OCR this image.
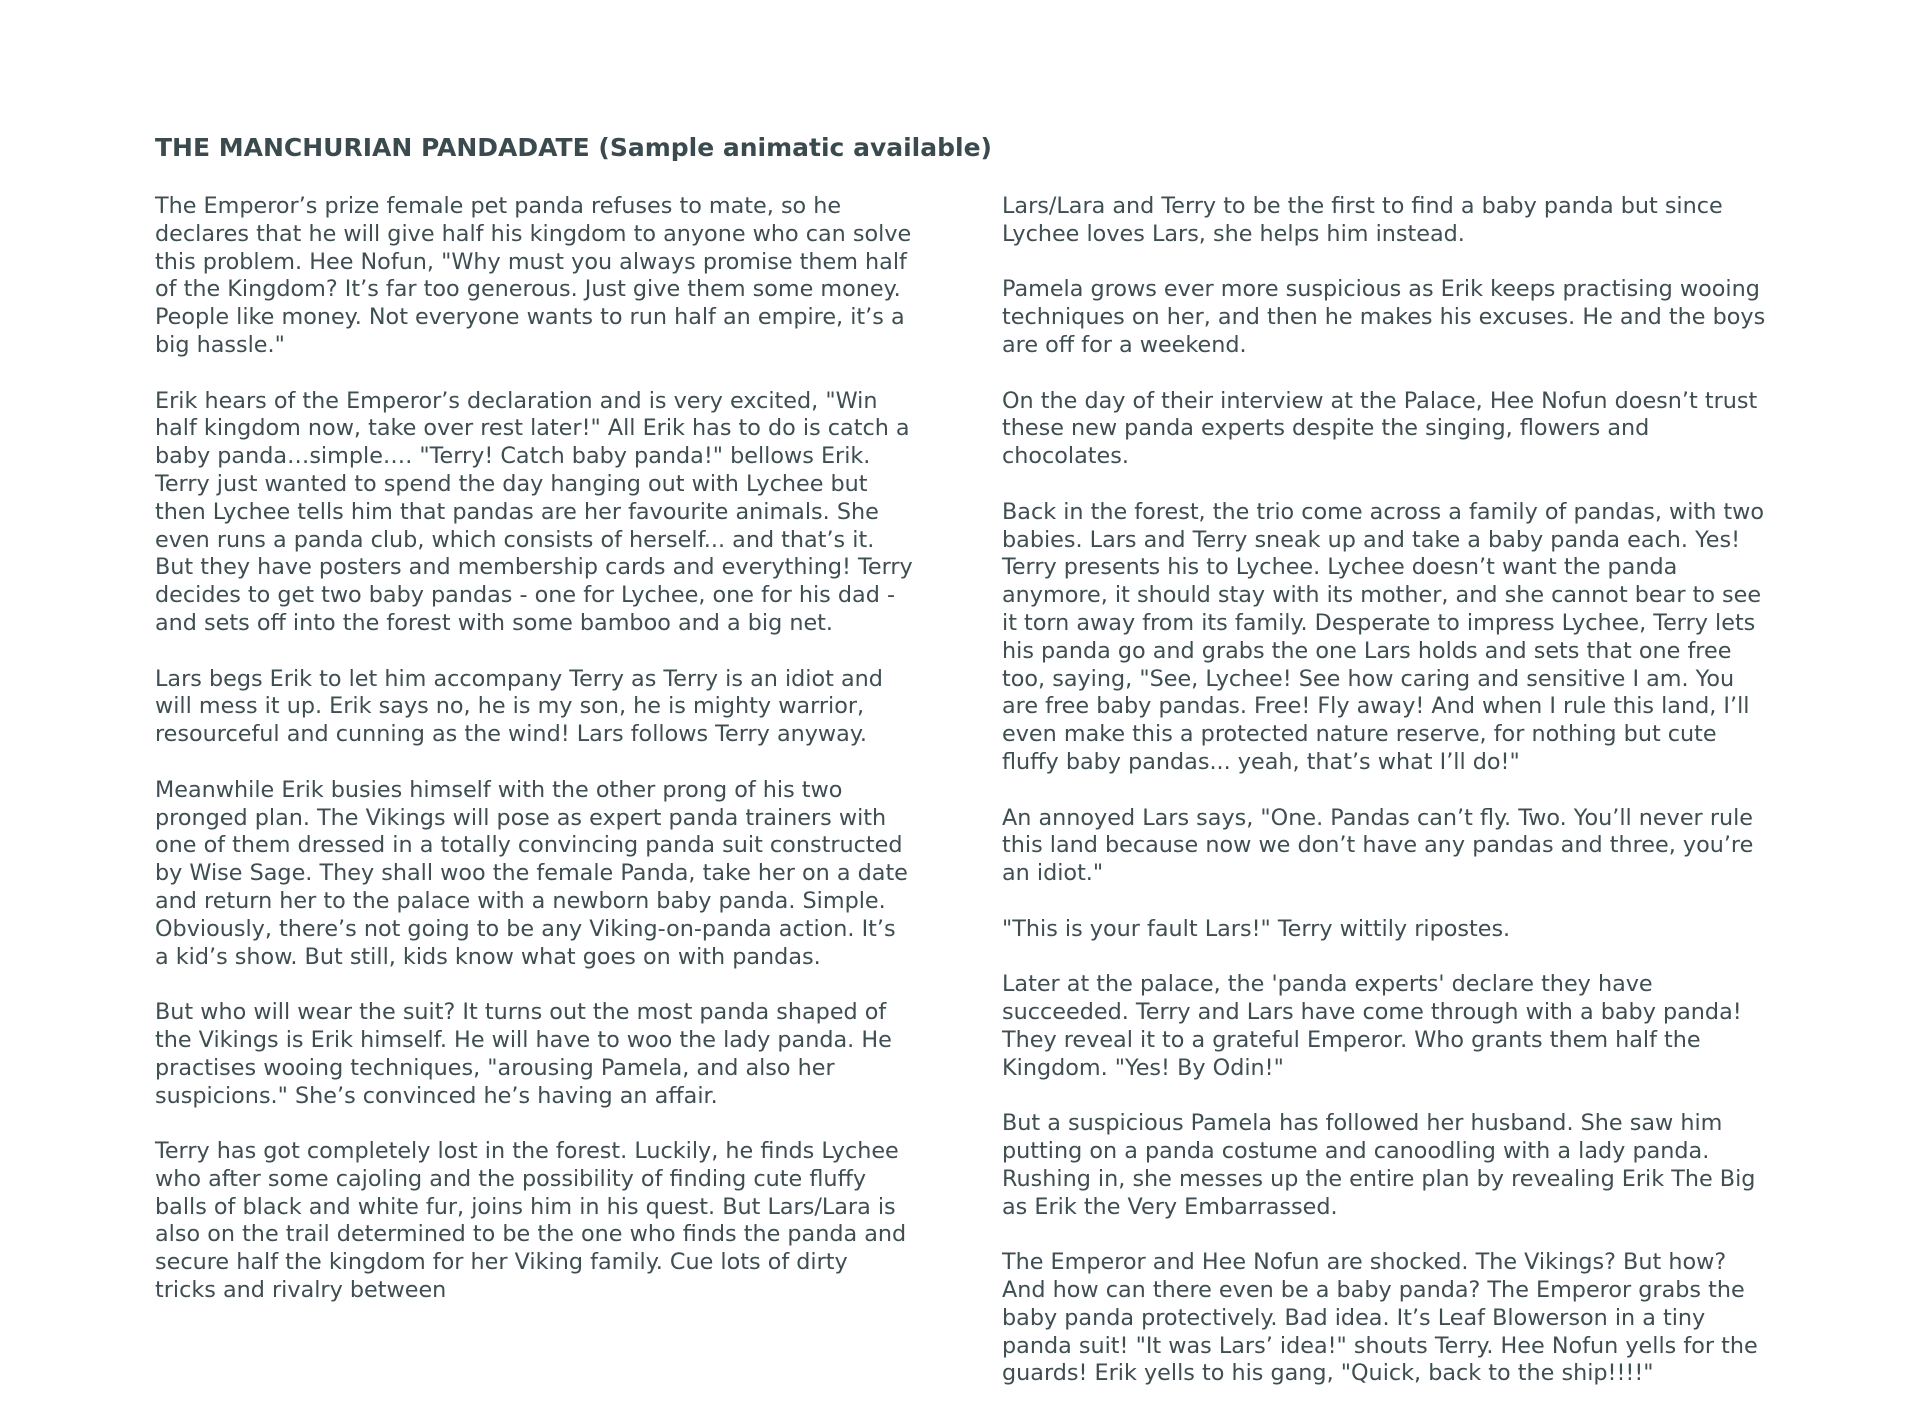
THE MANCHURIAN PANDADATE (Sample animatic available)

The Emperor’s prize female pet panda refuses to mate, so he declares that he will give half his kingdom to anyone who can solve this problem. Hee Nofun, "Why must you always promise them half of the Kingdom? It’s far too generous. Just give them some money. People like money. Not everyone wants to run half an empire, it’s a big hassle."

Erik hears of the Emperor’s declaration and is very excited, "Win half kingdom now, take over rest later!" All Erik has to do is catch a baby panda…simple…. "Terry! Catch baby panda!" bellows Erik. Terry just wanted to spend the day hanging out with Lychee but then Lychee tells him that pandas are her favourite animals. She even runs a panda club, which consists of herself... and that’s it. But they have posters and membership cards and everything! Terry decides to get two baby pandas - one for Lychee, one for his dad - and sets off into the forest with some bamboo and a big net.

Lars begs Erik to let him accompany Terry as Terry is an idiot and will mess it up. Erik says no, he is my son, he is mighty warrior, resourceful and cunning as the wind! Lars follows Terry anyway.

Meanwhile Erik busies himself with the other prong of his two pronged plan. The Vikings will pose as expert panda trainers with one of them dressed in a totally convincing panda suit constructed by Wise Sage. They shall woo the female Panda, take her on a date and return her to the palace with a newborn baby panda. Simple. Obviously, there’s not going to be any Viking-on-panda action. It’s a kid’s show. But still, kids know what goes on with pandas.

But who will wear the suit? It turns out the most panda shaped of the Vikings is Erik himself. He will have to woo the lady panda. He practises wooing techniques, "arousing Pamela, and also her suspicions." She’s convinced he’s having an affair.

Terry has got completely lost in the forest. Luckily, he finds Lychee who after some cajoling and the possibility of finding cute fluffy balls of black and white fur, joins him in his quest. But Lars/Lara is also on the trail determined to be the one who finds the panda and secure half the kingdom for her Viking family. Cue lots of dirty tricks and rivalry between

Lars/Lara and Terry to be the first to find a baby panda but since Lychee loves Lars, she helps him instead.

Pamela grows ever more suspicious as Erik keeps practising wooing techniques on her, and then he makes his excuses. He and the boys are off for a weekend.

On the day of their interview at the Palace, Hee Nofun doesn’t trust these new panda experts despite the singing, flowers and chocolates.

Back in the forest, the trio come across a family of pandas, with two babies. Lars and Terry sneak up and take a baby panda each. Yes! Terry presents his to Lychee. Lychee doesn’t want the panda anymore, it should stay with its mother, and she cannot bear to see it torn away from its family. Desperate to impress Lychee, Terry lets his panda go and grabs the one Lars holds and sets that one free too, saying, "See, Lychee! See how caring and sensitive I am. You are free baby pandas. Free! Fly away! And when I rule this land, I’ll even make this a protected nature reserve, for nothing but cute fluffy baby pandas... yeah, that’s what I’ll do!"

An annoyed Lars says, "One. Pandas can’t fly. Two. You’ll never rule this land because now we don’t have any pandas and three, you’re an idiot."

"This is your fault Lars!" Terry wittily ripostes.

Later at the palace, the 'panda experts' declare they have succeeded. Terry and Lars have come through with a baby panda! They reveal it to a grateful Emperor. Who grants them half the Kingdom. "Yes! By Odin!"

But a suspicious Pamela has followed her husband. She saw him putting on a panda costume and canoodling with a lady panda. Rushing in, she messes up the entire plan by revealing Erik The Big as Erik the Very Embarrassed.

The Emperor and Hee Nofun are shocked. The Vikings? But how? And how can there even be a baby panda? The Emperor grabs the baby panda protectively. Bad idea. It’s Leaf Blowerson in a tiny panda suit! "It was Lars’ idea!" shouts Terry. Hee Nofun yells for the guards! Erik yells to his gang, "Quick, back to the ship!!!!"
